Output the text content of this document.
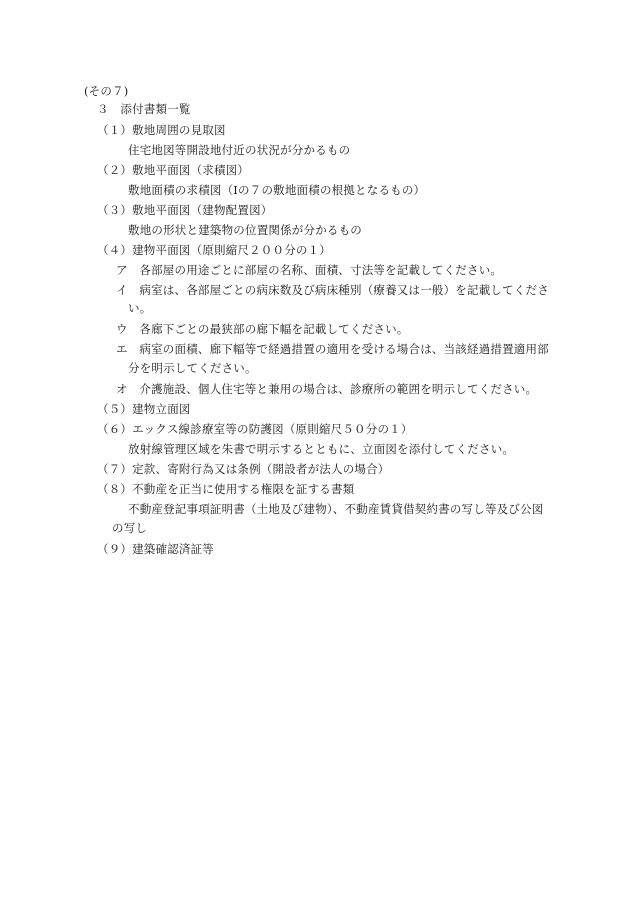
(その７)
３　添付書類一覧
（１）敷地周囲の見取図
住宅地図等開設地付近の状況が分かるもの
（２）敷地平面図（求積図）
敷地面積の求積図（Ⅰの７の敷地面積の根拠となるもの）
（３）敷地平面図（建物配置図）
敷地の形状と建築物の位置関係が分かるもの
（４）建物平面図（原則縮尺２００分の１）
ア　各部屋の用途ごとに部屋の名称、面積、寸法等を記載してください。
イ　病室は、各部屋ごとの病床数及び病床種別（療養又は一般）を記載してくださ
い。
ウ　各廊下ごとの最狭部の廊下幅を記載してください。
エ　病室の面積、廊下幅等で経過措置の適用を受ける場合は、当該経過措置適用部
分を明示してください。
オ　介護施設、個人住宅等と兼用の場合は、診療所の範囲を明示してください。
（５）建物立面図
（６）エックス線診療室等の防護図（原則縮尺５０分の１）
放射線管理区域を朱書で明示するとともに、立面図を添付してください。
（７）定款、寄附行為又は条例（開設者が法人の場合）
（８）不動産を正当に使用する権限を証する書類
不動産登記事項証明書（土地及び建物）、不動産賃貸借契約書の写し等及び公図
の写し
（９）建築確認済証等
